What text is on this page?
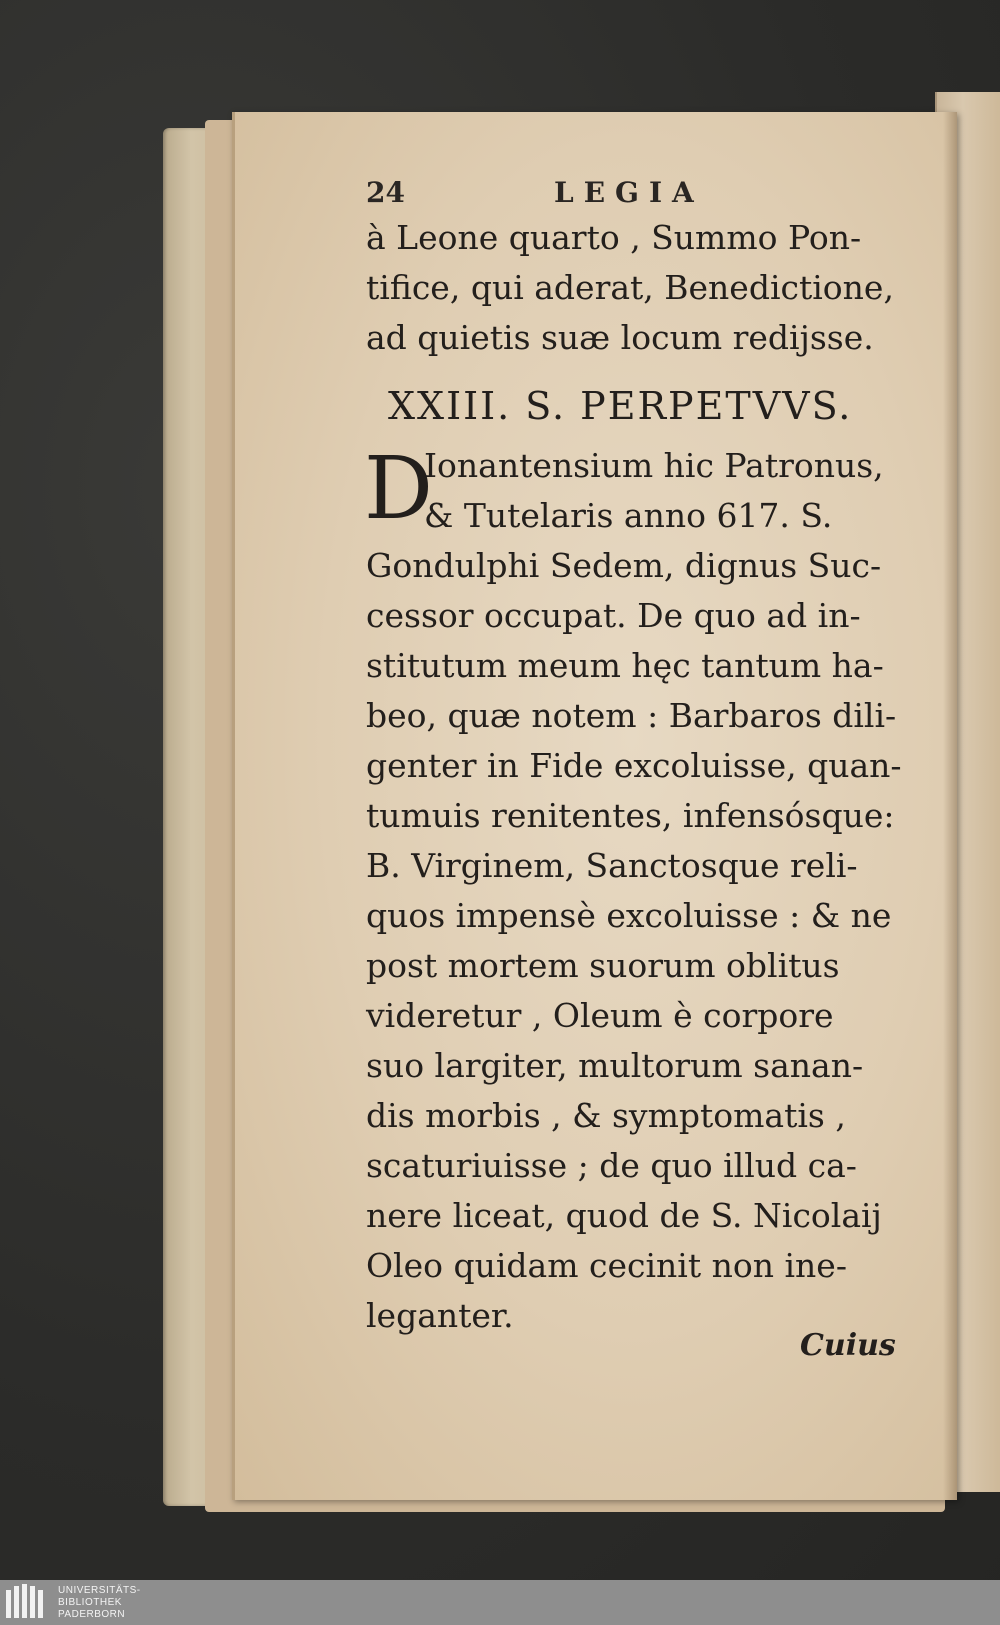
24	LEGIA
à Leone quarto , Summo Pon-
tifice, qui aderat, Benedictione,
ad quietis suæ locum redijsse.
XXIII. S. PERPETVVS.
D
Ionantensium hic Patronus,
& Tutelaris anno 617. S.
Gondulphi Sedem, dignus Suc-
cessor occupat. De quo ad in-
stitutum meum hęc tantum ha-
beo, quæ notem : Barbaros dili-
genter in Fide excoluisse, quan-
tumuis renitentes, infensósque:
B. Virginem, Sanctosque reli-
quos impensè excoluisse : & ne
post mortem suorum oblitus
videretur , Oleum è corpore
suo largiter, multorum sanan-
dis morbis , & symptomatis ,
scaturiuisse ; de quo illud ca-
nere liceat, quod de S. Nicolaij
Oleo quidam cecinit non ine-
leganter.
Cuius
UNIVERSITÄTS-
BIBLIOTHEK
PADERBORN
